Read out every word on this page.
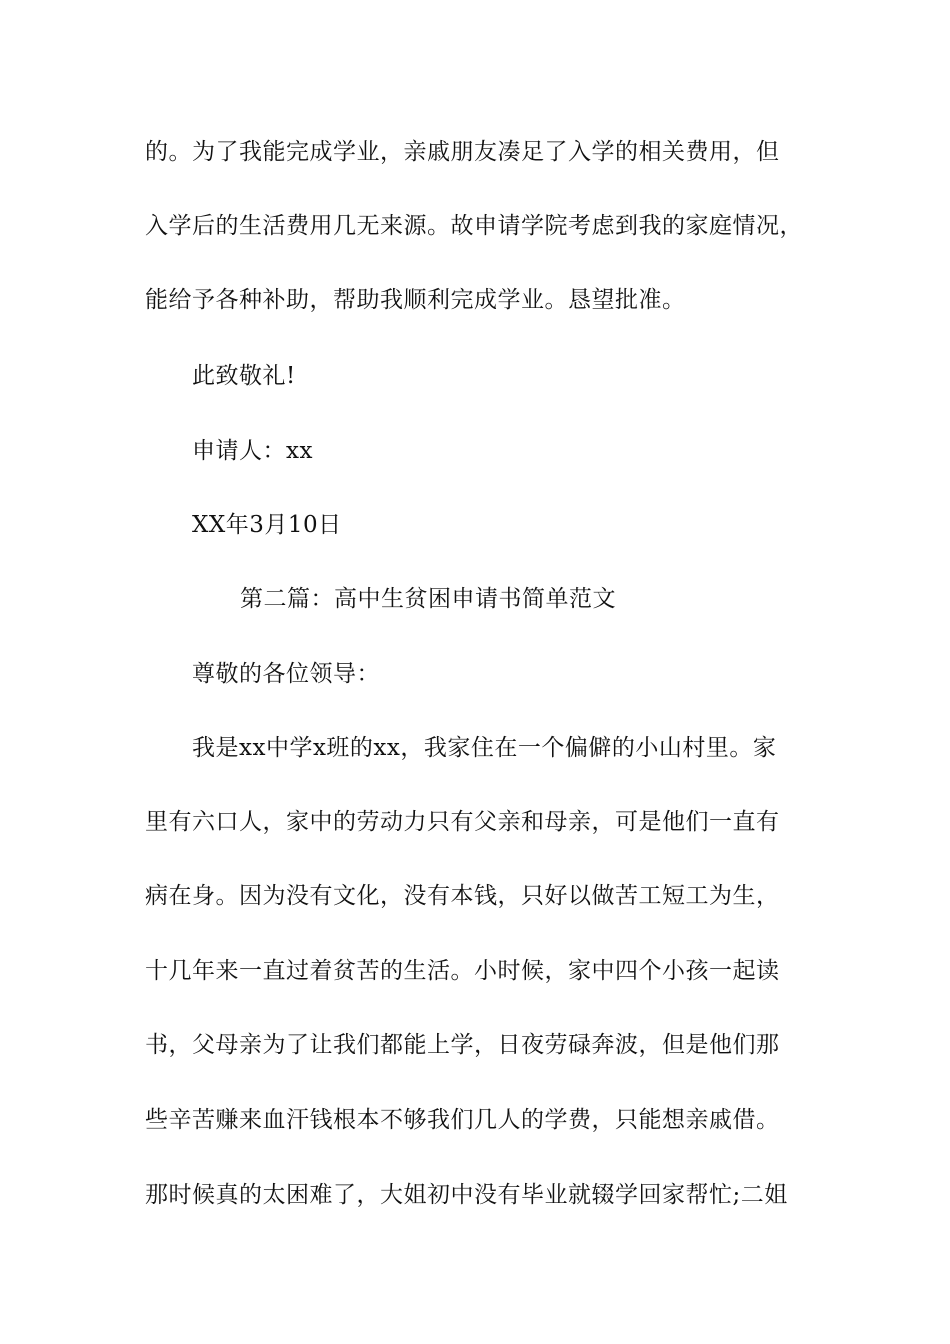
的。为了我能完成学业，亲戚朋友凑足了入学的相关费用，但
入学后的生活费用几无来源。故申请学院考虑到我的家庭情况，
能给予各种补助，帮助我顺利完成学业。恳望批准。
此致敬礼!
申请人：xx
XX年3月10日
第二篇：高中生贫困申请书简单范文
尊敬的各位领导：
我是xx中学x班的xx，我家住在一个偏僻的小山村里。家
里有六口人，家中的劳动力只有父亲和母亲，可是他们一直有
病在身。因为没有文化，没有本钱，只好以做苦工短工为生，
十几年来一直过着贫苦的生活。小时候，家中四个小孩一起读
书，父母亲为了让我们都能上学，日夜劳碌奔波，但是他们那
些辛苦赚来血汗钱根本不够我们几人的学费，只能想亲戚借。
那时候真的太困难了，大姐初中没有毕业就辍学回家帮忙;二姐
